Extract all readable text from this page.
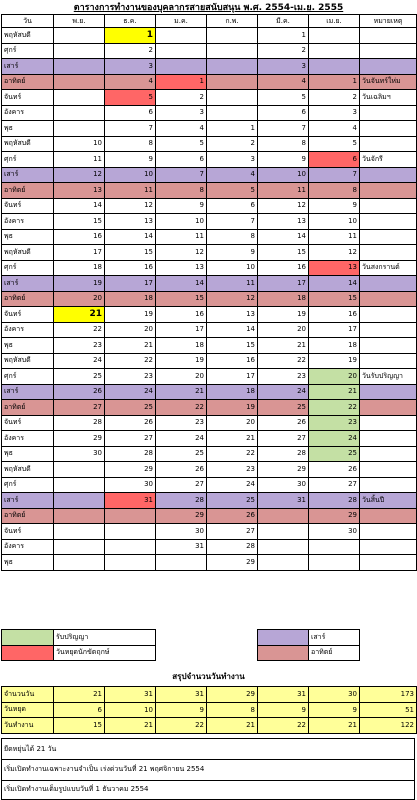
ตารางการทำงานของบุคลากรสายสนับสนุน พ.ศ. 2554-เม.ย. 2555
วัน	พ.ย.	ธ.ค.	ม.ค.	ก.พ.	มี.ค.	เม.ย.	หมายเหตุ
พฤหัสบดี		1			1		
ศุกร์		2			2		
เสาร์		3			3		
อาทิตย์		4	1		4	1	วันจันทร์ให่ม
จันทร์		5	2		5	2	วันเฉลิมฯ
อังคาร		6	3		6	3	
พุธ		7	4	1	7	4	
พฤหัสบดี	10	8	5	2	8	5	
ศุกร์	11	9	6	3	9	6	วันจักรี
เสาร์	12	10	7	4	10	7	
อาทิตย์	13	11	8	5	11	8	
จันทร์	14	12	9	6	12	9	
อังคาร	15	13	10	7	13	10	
พุธ	16	14	11	8	14	11	
พฤหัสบดี	17	15	12	9	15	12	
ศุกร์	18	16	13	10	16	13	วันสงกรานต์
เสาร์	19	17	14	11	17	14	
อาทิตย์	20	18	15	12	18	15	
จันทร์	21	19	16	13	19	16	
อังคาร	22	20	17	14	20	17	
พุธ	23	21	18	15	21	18	
พฤหัสบดี	24	22	19	16	22	19	
ศุกร์	25	23	20	17	23	20	วันรับปริญญา
เสาร์	26	24	21	18	24	21	
อาทิตย์	27	25	22	19	25	22	
จันทร์	28	26	23	20	26	23	
อังคาร	29	27	24	21	27	24	
พุธ	30	28	25	22	28	25	
พฤหัสบดี		29	26	23	29	26	
ศุกร์		30	27	24	30	27	
เสาร์		31	28	25	31	28	วันสิ้นปี
อาทิตย์			29	26		29	
จันทร์			30	27		30	
อังคาร			31	28			
พุธ				29			
	รับปริญญา			เสาร์	
	วันหยุดนักขัตฤกษ์			อาทิตย์	
สรุปจำนวนวันทำงาน
จำนวนวัน	21	31	31	29	31	30	173
วันหยุด	6	10	9	8	9	9	51
วันทำงาน	15	21	22	21	22	21	122
ยืดหยุ่นได้ 21 วัน
เริ่มเปิดทำงานเฉพาะงานจำเป็น เร่งด่วนวันที่ 21 พฤศจิกายน 2554
เริ่มเปิดทำงานเต็มรูปแบบวันที่ 1 ธันวาคม 2554
